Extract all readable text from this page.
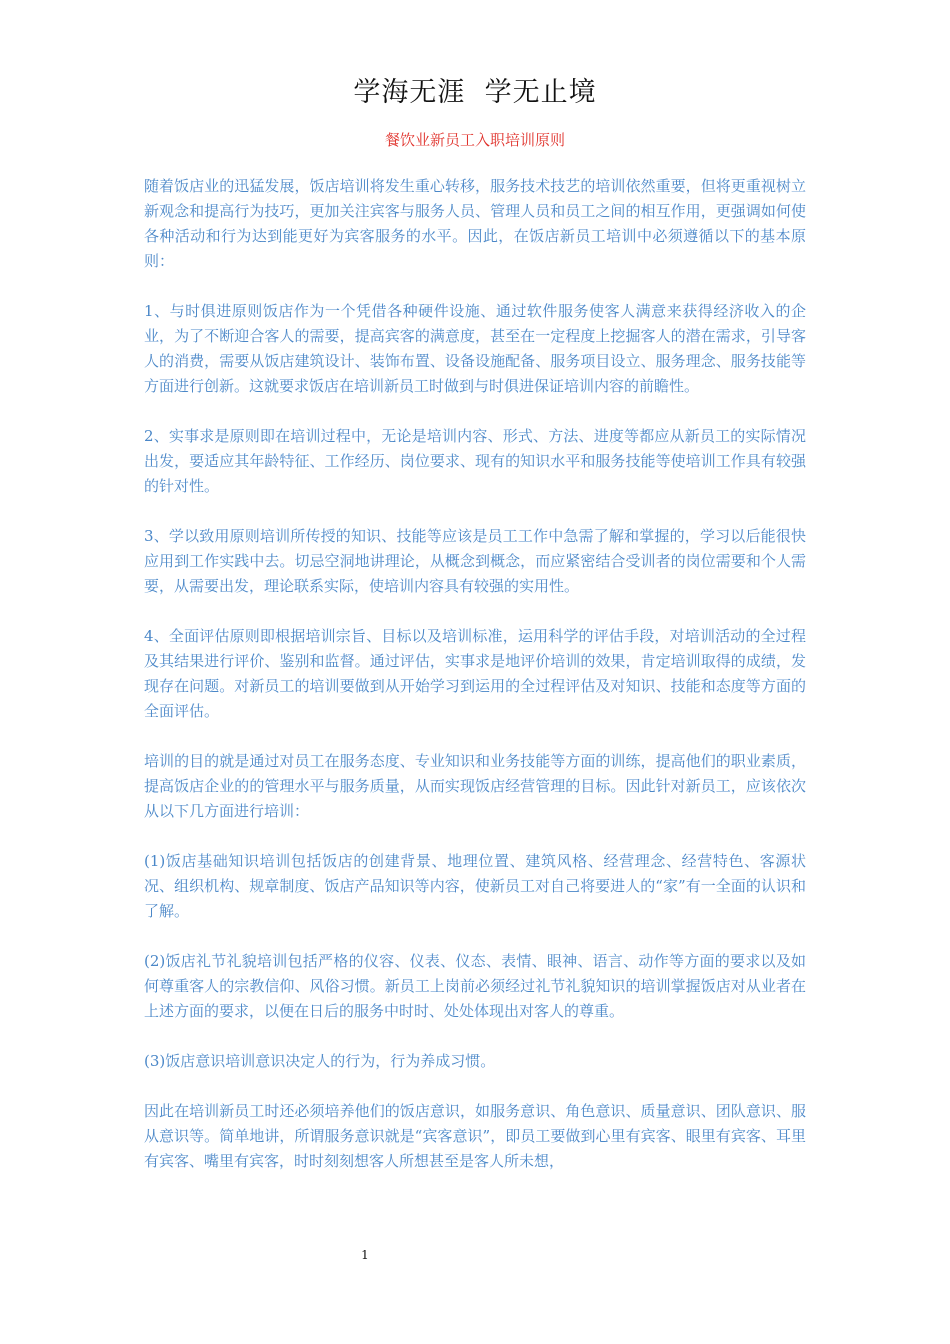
学海无涯  学无止境
餐饮业新员工入职培训原则

随着饭店业的迅猛发展，饭店培训将发生重心转移，服务技术技艺的培训依然重要，但将更重视树立新观念和提高行为技巧，更加关注宾客与服务人员、管理人员和员工之间的相互作用，更强调如何使各种活动和行为达到能更好为宾客服务的水平。因此，在饭店新员工培训中必须遵循以下的基本原则：

1、与时俱进原则饭店作为一个凭借各种硬件设施、通过软件服务使客人满意来获得经济收入的企业，为了不断迎合客人的需要，提高宾客的满意度，甚至在一定程度上挖掘客人的潜在需求，引导客人的消费，需要从饭店建筑设计、装饰布置、设备设施配备、服务项目设立、服务理念、服务技能等方面进行创新。这就要求饭店在培训新员工时做到与时俱进保证培训内容的前瞻性。

2、实事求是原则即在培训过程中，无论是培训内容、形式、方法、进度等都应从新员工的实际情况出发，要适应其年龄特征、工作经历、岗位要求、现有的知识水平和服务技能等使培训工作具有较强的针对性。

3、学以致用原则培训所传授的知识、技能等应该是员工工作中急需了解和掌握的，学习以后能很快应用到工作实践中去。切忌空洞地讲理论，从概念到概念，而应紧密结合受训者的岗位需要和个人需要，从需要出发，理论联系实际，使培训内容具有较强的实用性。

4、全面评估原则即根据培训宗旨、目标以及培训标准，运用科学的评估手段，对培训活动的全过程及其结果进行评价、鉴别和监督。通过评估，实事求是地评价培训的效果，肯定培训取得的成绩，发现存在问题。对新员工的培训要做到从开始学习到运用的全过程评估及对知识、技能和态度等方面的全面评估。

培训的目的就是通过对员工在服务态度、专业知识和业务技能等方面的训练，提高他们的职业素质，提高饭店企业的的管理水平与服务质量，从而实现饭店经营管理的目标。因此针对新员工，应该依次从以下几方面进行培训：

(1)饭店基础知识培训包括饭店的创建背景、地理位置、建筑风格、经营理念、经营特色、客源状况、组织机构、规章制度、饭店产品知识等内容，使新员工对自己将要进人的“家”有一全面的认识和了解。

(2)饭店礼节礼貌培训包括严格的仪容、仪表、仪态、表情、眼神、语言、动作等方面的要求以及如何尊重客人的宗教信仰、风俗习惯。新员工上岗前必须经过礼节礼貌知识的培训掌握饭店对从业者在上述方面的要求，以便在日后的服务中时时、处处体现出对客人的尊重。

(3)饭店意识培训意识决定人的行为，行为养成习惯。

因此在培训新员工时还必须培养他们的饭店意识，如服务意识、角色意识、质量意识、团队意识、服从意识等。简单地讲，所谓服务意识就是“宾客意识”，即员工要做到心里有宾客、眼里有宾客、耳里有宾客、嘴里有宾客，时时刻刻想客人所想甚至是客人所未想，

1
